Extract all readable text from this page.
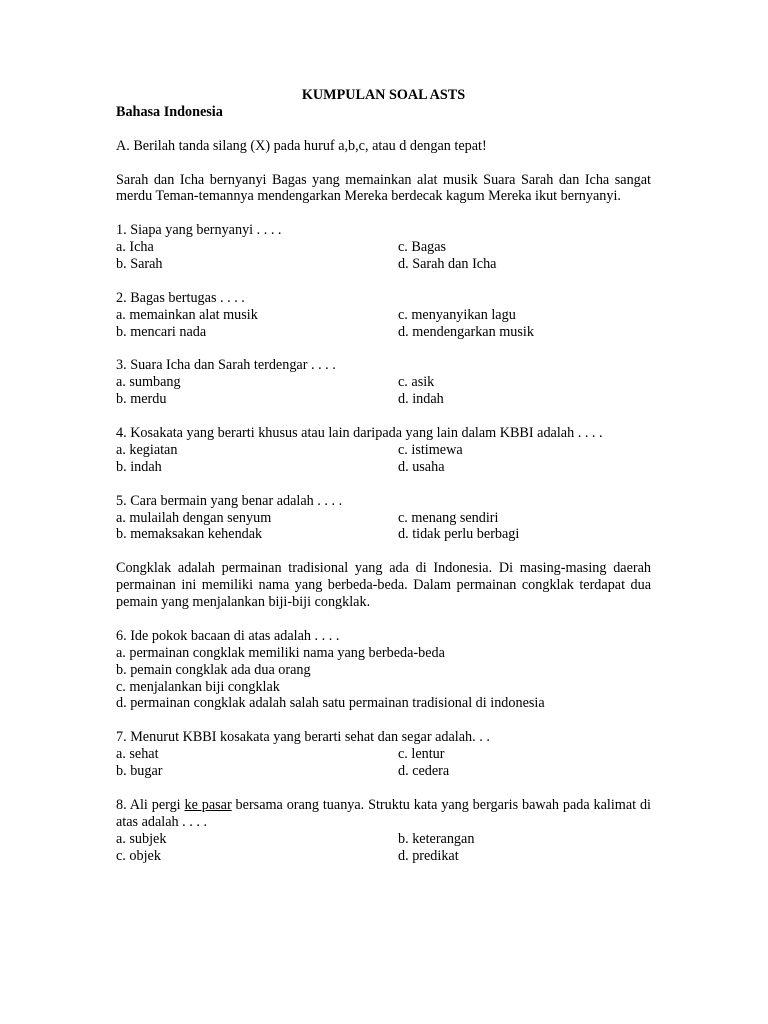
KUMPULAN SOAL ASTS

Bahasa Indonesia

A. Berilah tanda silang (X) pada huruf a,b,c, atau d dengan tepat!

Sarah dan Icha bernyanyi Bagas yang memainkan alat musik Suara Sarah dan Icha sangat merdu Teman-temannya mendengarkan Mereka berdecak kagum Mereka ikut bernyanyi.

1. Siapa yang bernyanyi . . . .

a. Icha	c. Bagas
b. Sarah	d. Sarah dan Icha

2. Bagas bertugas . . . .

a. memainkan alat musik	c. menyanyikan lagu
b. mencari nada	d. mendengarkan musik

3. Suara Icha dan Sarah terdengar . . . .

a. sumbang	c. asik
b. merdu	d. indah

4. Kosakata yang berarti khusus atau lain daripada yang lain dalam KBBI adalah . . . .

a. kegiatan	c. istimewa
b. indah	d. usaha

5. Cara bermain yang benar adalah . . . .

a. mulailah dengan senyum	c. menang sendiri
b. memaksakan kehendak	d. tidak perlu berbagi

Congklak adalah permainan tradisional yang ada di Indonesia. Di masing-masing daerah permainan ini memiliki nama yang berbeda-beda. Dalam permainan congklak terdapat dua pemain yang menjalankan biji-biji congklak.

6. Ide pokok bacaan di atas adalah . . . .

a. permainan congklak memiliki nama yang berbeda-beda

b. pemain congklak ada dua orang

c. menjalankan biji congklak

d. permainan congklak adalah salah satu permainan tradisional di indonesia

7. Menurut KBBI kosakata yang berarti sehat dan segar adalah. . .

a. sehat	c. lentur
b. bugar	d. cedera

8. Ali pergi ke pasar bersama orang tuanya. Struktu kata yang bergaris bawah pada kalimat di atas adalah . . . .

a. subjek	b. keterangan
c. objek	d. predikat
